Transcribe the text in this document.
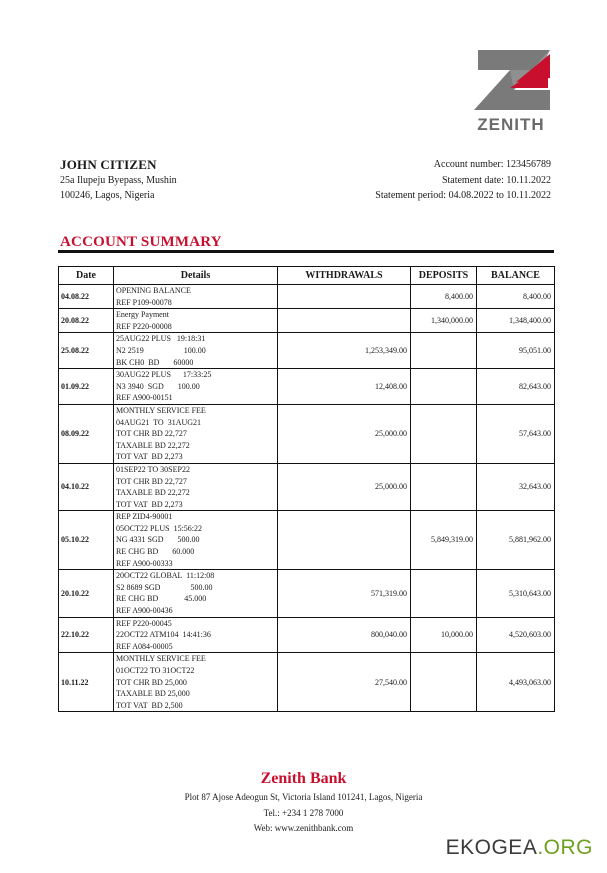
ZENITH
JOHN CITIZEN
25a Ilupeju Byepass, Mushin
100246, Lagos, Nigeria
Account number: 123456789
Statement date: 10.11.2022
Statement period: 04.08.2022 to 10.11.2022
ACCOUNT SUMMARY
Date	Details	WITHDRAWALS	DEPOSITS	BALANCE
04.08.22	OPENING BALANCE
REF P109-00078		8,400.00	8,400.00
20.08.22	Energy Payment
REF P220-00008		1,340,000.00	1,348,400.00
25.08.22	25AUG22 PLUS   19:18:31
N2 2519                    100.00
BK CH0  BD       60000	1,253,349.00		95,051.00
01.09.22	30AUG22 PLUS      17:33:25
N3 3940  SGD       100.00
REF A900-00151	12,408.00		82,643.00
08.09.22	MONTHLY SERVICE FEE
04AUG21  TO  31AUG21
TOT CHR BD 22,727
TAXABLE BD 22,272
TOT VAT  BD 2,273	25,000.00		57,643.00
04.10.22	01SEP22 TO 30SEP22
TOT CHR BD 22,727
TAXABLE BD 22,272
TOT VAT  BD 2,273	25,000.00		32,643.00
05.10.22	REP ZID4-90001
05OCT22 PLUS  15:56:22
NG 4331 SGD       500.00
RE CHG BD       60.000
REF A900-00333		5,849,319.00	5,881,962.00
20.10.22	20OCT22 GLOBAL  11:12:08
S2 8689 SGD               500.00
RE CHG BD             45.000
REF A900-00436	571,319.00		5,310,643.00
22.10.22	REF P220-00045
22OCT22 ATM104  14:41:36
REF A084-00005	800,040.00	10,000.00	4,520,603.00
10.11.22	MONTHLY SERVICE FEE
01OCT22 TO 31OCT22
TOT CHR BD 25,000
TAXABLE BD 25,000
TOT VAT  BD 2,500	27,540.00		4,493,063.00
Zenith Bank
Plot 87 Ajose Adeogun St, Victoria Island 101241, Lagos, Nigeria
Tel.: +234 1 278 7000
Web: www.zenithbank.com
EKOGEA.ORG
